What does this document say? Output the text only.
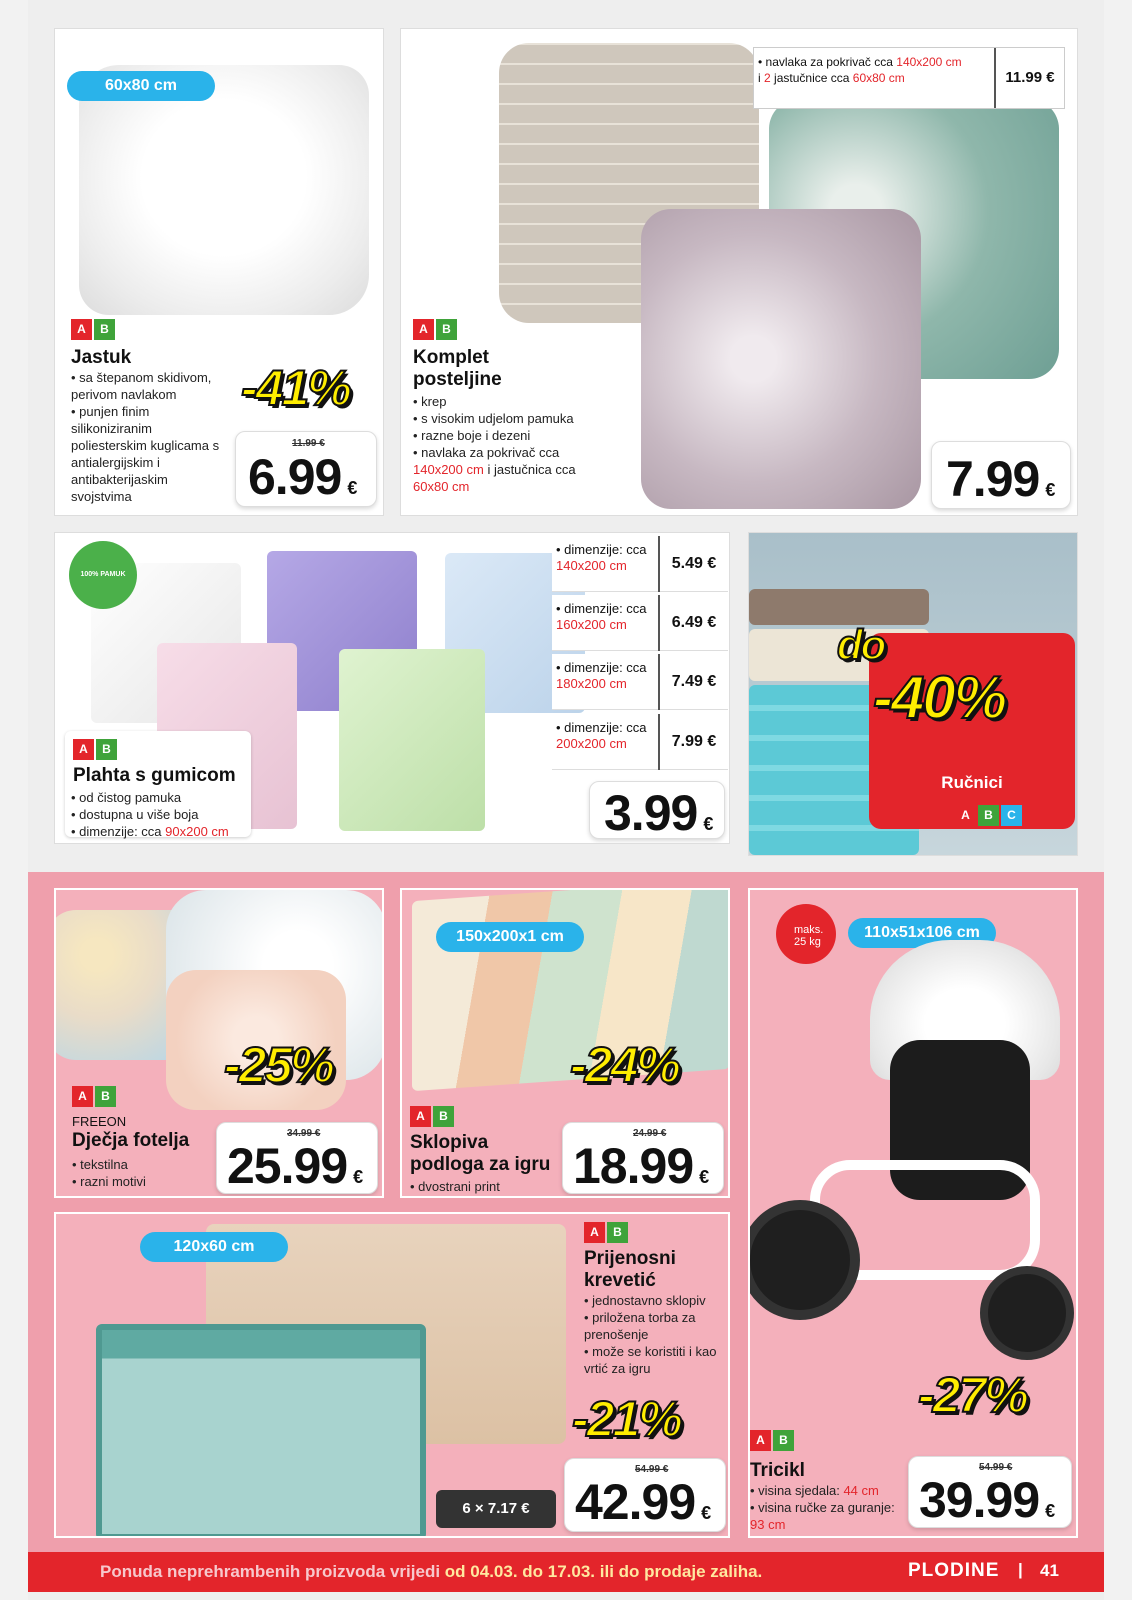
60x80 cm
A	B
Jastuk
• sa štepanom skidivom, perivom navlakom
• punjen finim silikoniziranim poliesterskim kuglicama s antialergijskim i antibakterijaskim svojstvima
-41%
11.99 €
6.99 €
• navlaka za pokrivač cca 140x200 cm
i 2 jastučnice cca 60x80 cm	11.99 €
A	B
Komplet posteljine
• krep
• s visokim udjelom pamuka
• razne boje i dezeni
• navlaka za pokrivač cca 140x200 cm i jastučnica cca 60x80 cm	7.99 €
100% PAMUK
A	B
Plahta s gumicom
• od čistog pamuka
• dostupna u više boja
• dimenzije: cca 90x200 cm	3.99 €
• dimenzije: cca
140x200 cm	5.49 €
• dimenzije: cca
160x200 cm	6.49 €
• dimenzije: cca
180x200 cm	7.49 €
• dimenzije: cca
200x200 cm	7.99 €
do
-40%
Ručnici
A	B	C
-25%
A	B
FREEON
Dječja fotelja
• tekstilna
• razni motivi
34.99 €
25.99 €
150x200x1 cm
-24%
A	B
Sklopiva podloga za igru
• dvostrani print
24.99 €
18.99 €
maks.
25 kg
110x51x106 cm
-27%
A	B
Tricikl
• visina sjedala: 44 cm
• visina ručke za guranje: 93 cm
54.99 €
39.99 €
120x60 cm
A	B
Prijenosni krevetić
• jednostavno sklopiv
• priložena torba za prenošenje
• može se koristiti i kao vrtić za igru
-21%
6 × 7.17 €
54.99 €
42.99 €
Ponuda neprehrambenih proizvoda vrijedi od 04.03. do 17.03. ili do prodaje zaliha.	PLODINE | 41
